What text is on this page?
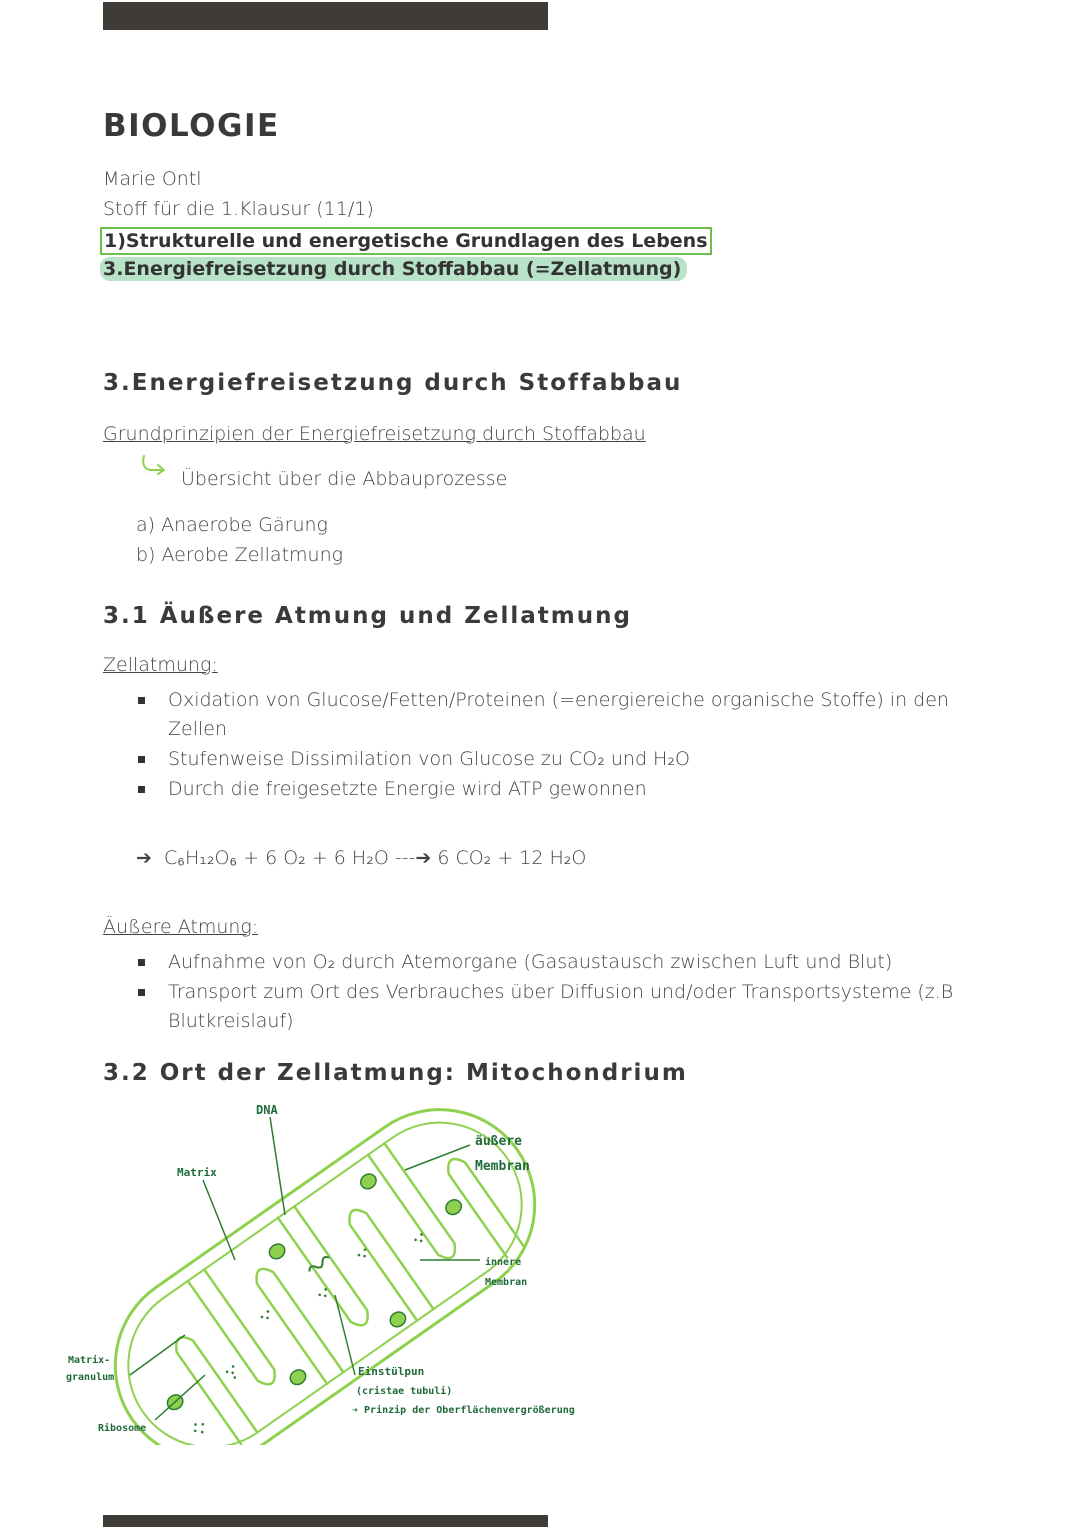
BIOLOGIE
Marie Ontl
Stoff für die 1.Klausur (11/1)
1)Strukturelle und energetische Grundlagen des Lebens
3.Energiefreisetzung durch Stoffabbau (=Zellatmung)
3.Energiefreisetzung durch Stoffabbau
Grundprinzipien der Energiefreisetzung durch Stoffabbau
Übersicht über die Abbauprozesse
a) Anaerobe Gärung
b) Aerobe Zellatmung
3.1 Äußere Atmung und Zellatmung
Zellatmung:
Oxidation von Glucose/Fetten/Proteinen (=energiereiche organische Stoffe) in den Zellen
Stufenweise Dissimilation von Glucose zu CO₂ und H₂O
Durch die freigesetzte Energie wird ATP gewonnen
➔ C₆H₁₂O₆ + 6 O₂ + 6 H₂O ---➔ 6 CO₂ + 12 H₂O
Äußere Atmung:
Aufnahme von O₂ durch Atemorgane (Gasaustausch zwischen Luft und Blut)
Transport zum Ort des Verbrauches über Diffusion und/oder Transportsysteme (z.B Blutkreislauf)
3.2 Ort der Zellatmung: Mitochondrium
DNA
Matrix
äußere
Membran
innere
Membran
Matrix-
granulum
Ribosome
Einstülpun
(cristae tubuli)
➔ Prinzip der Oberflächenvergrößerung
